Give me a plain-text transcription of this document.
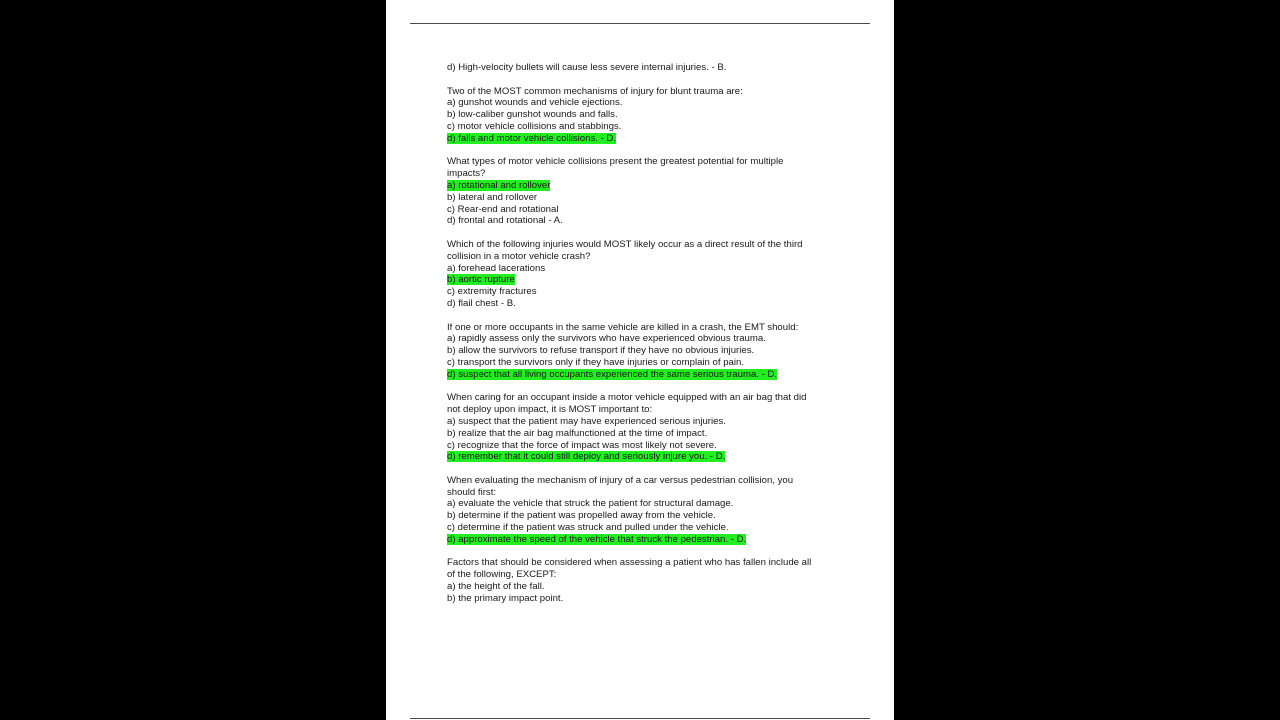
d) High-velocity bullets will cause less severe internal injuries. - B.
Two of the MOST common mechanisms of injury for blunt trauma are:
a) gunshot wounds and vehicle ejections.
b) low-caliber gunshot wounds and falls.
c) motor vehicle collisions and stabbings.
d) falls and motor vehicle collisions. - D.
What types of motor vehicle collisions present the greatest potential for multiple
impacts?
a) rotational and rollover
b) lateral and rollover
c) Rear-end and rotational
d) frontal and rotational - A.
Which of the following injuries would MOST likely occur as a direct result of the third
collision in a motor vehicle crash?
a) forehead lacerations
b) aortic rupture
c) extremity fractures
d) flail chest - B.
If one or more occupants in the same vehicle are killed in a crash, the EMT should:
a) rapidly assess only the survivors who have experienced obvious trauma.
b) allow the survivors to refuse transport if they have no obvious injuries.
c) transport the survivors only if they have injuries or complain of pain.
d) suspect that all living occupants experienced the same serious trauma. - D.
When caring for an occupant inside a motor vehicle equipped with an air bag that did
not deploy upon impact, it is MOST important to:
a) suspect that the patient may have experienced serious injuries.
b) realize that the air bag malfunctioned at the time of impact.
c) recognize that the force of impact was most likely not severe.
d) remember that it could still deploy and seriously injure you. - D.
When evaluating the mechanism of injury of a car versus pedestrian collision, you
should first:
a) evaluate the vehicle that struck the patient for structural damage.
b) determine if the patient was propelled away from the vehicle.
c) determine if the patient was struck and pulled under the vehicle.
d) approximate the speed of the vehicle that struck the pedestrian. - D.
Factors that should be considered when assessing a patient who has fallen include all
of the following, EXCEPT:
a) the height of the fall.
b) the primary impact point.
